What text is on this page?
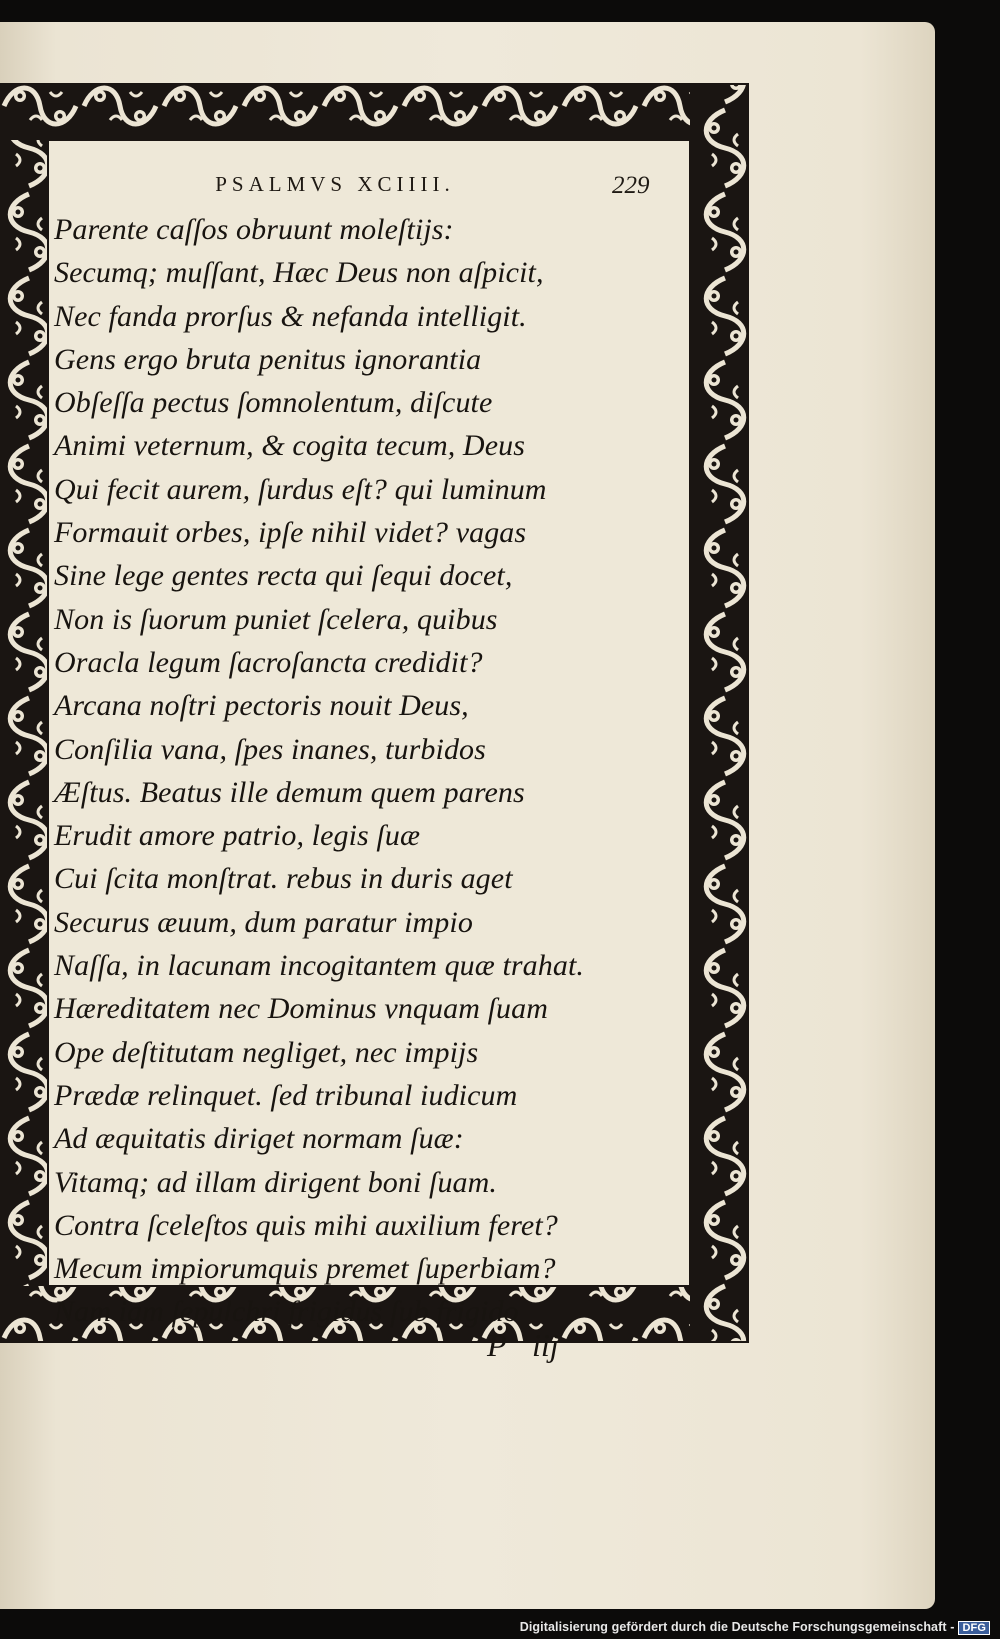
PSALMVS XCIIII.	229
Parente caſſos obruunt moleſtijs:
Secumq; muſſant, Hæc Deus non aſpicit,
Nec fanda prorſus & nefanda intelligit.
Gens ergo bruta penitus ignorantia
Obſeſſa pectus ſomnolentum, diſcute
Animi veternum, & cogita tecum, Deus
Qui fecit aurem, ſurdus eſt? qui luminum
Formauit orbes, ipſe nihil videt? vagas
Sine lege gentes recta qui ſequi docet,
Non is ſuorum puniet ſcelera, quibus
Oracla legum ſacroſancta credidit?
Arcana noſtri pectoris nouit Deus,
Conſilia vana, ſpes inanes, turbidos
Æſtus. Beatus ille demum quem parens
Erudit amore patrio, legis ſuæ
Cui ſcita monſtrat. rebus in duris aget
Securus æuum, dum paratur impio
Naſſa, in lacunam incogitantem quæ trahat.
Hæreditatem nec Dominus vnquam ſuam
Ope deſtitutam negliget, nec impijs
Prædæ relinquet. ſed tribunal iudicum
Ad æquitatis diriget normam ſuæ:
Vitamq; ad illam dirigent boni ſuam.
Contra ſceleſtos quis mihi auxilium feret?
Mecum impiorumquis premet ſuperbiam?
Nam iam ſepulchri frigidus ſub frigido
P iij
Digitalisierung gefördert durch die Deutsche Forschungsgemeinschaft - DFG
